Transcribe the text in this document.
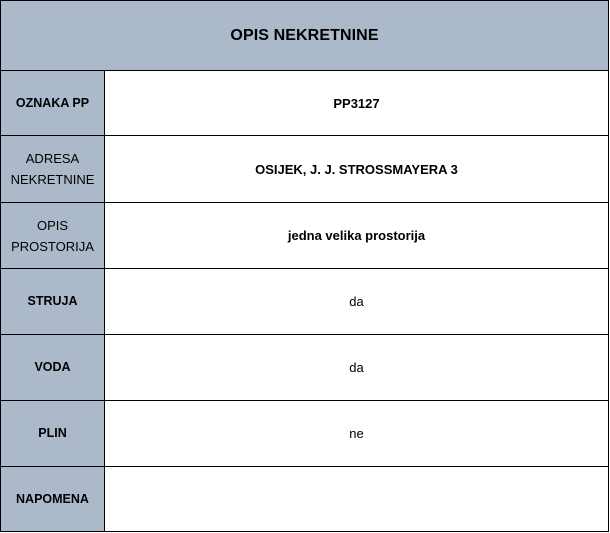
OPIS NEKRETNINE	
OZNAKA PP	PP3127
ADRESA NEKRETNINE	OSIJEK, J. J. STROSSMAYERA 3
OPIS PROSTORIJA	jedna velika prostorija
STRUJA	da
VODA	da
PLIN	ne
NAPOMENA	
